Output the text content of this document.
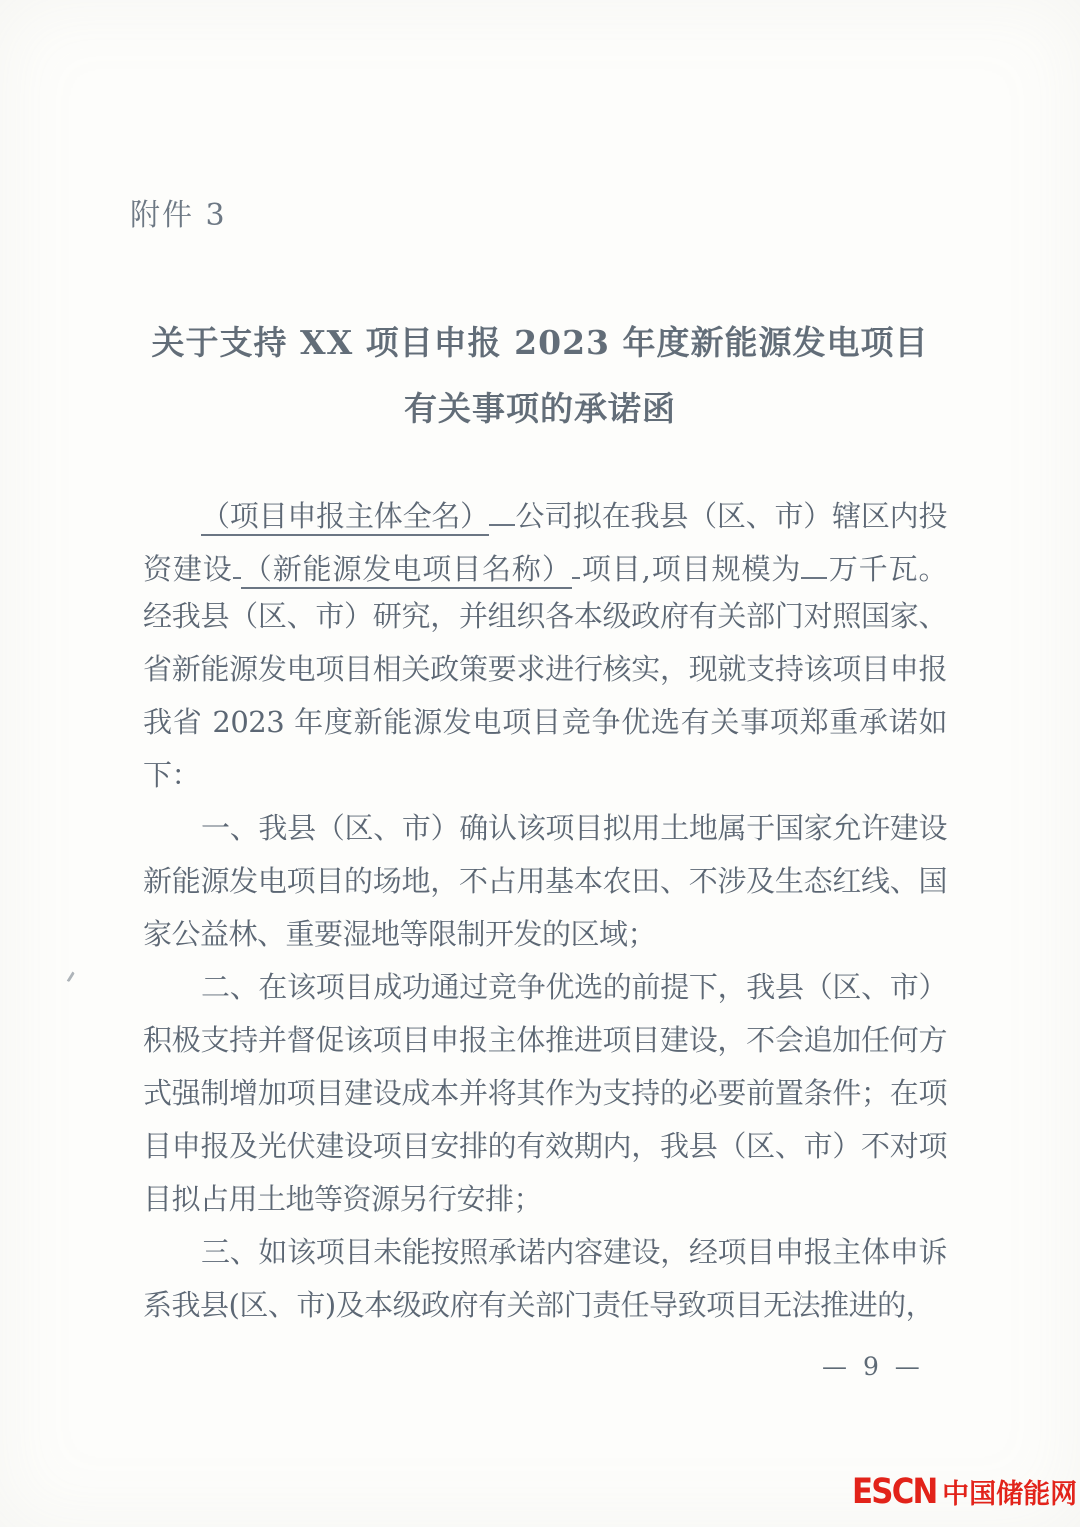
附件 3
关于支持 XX 项目申报 2023 年度新能源发电项目
有关事项的承诺函
（项目申报主体全名） 公司拟在我县（区、市）辖区内投
资建设 （新能源发电项目名称） 项目,项目规模为 万千瓦。
经我县（区、市）研究，并组织各本级政府有关部门对照国家、
省新能源发电项目相关政策要求进行核实，现就支持该项目申报
我省 2023 年度新能源发电项目竞争优选有关事项郑重承诺如
下：
一、我县（区、市）确认该项目拟用土地属于国家允许建设
新能源发电项目的场地，不占用基本农田、不涉及生态红线、国
家公益林、重要湿地等限制开发的区域；
二、在该项目成功通过竞争优选的前提下，我县（区、市）
积极支持并督促该项目申报主体推进项目建设，不会追加任何方
式强制增加项目建设成本并将其作为支持的必要前置条件；在项
目申报及光伏建设项目安排的有效期内，我县（区、市）不对项
目拟占用土地等资源另行安排；
三、如该项目未能按照承诺内容建设，经项目申报主体申诉
系我县(区、市)及本级政府有关部门责任导致项目无法推进的，
— 9 —
ESCN 中国储能网
